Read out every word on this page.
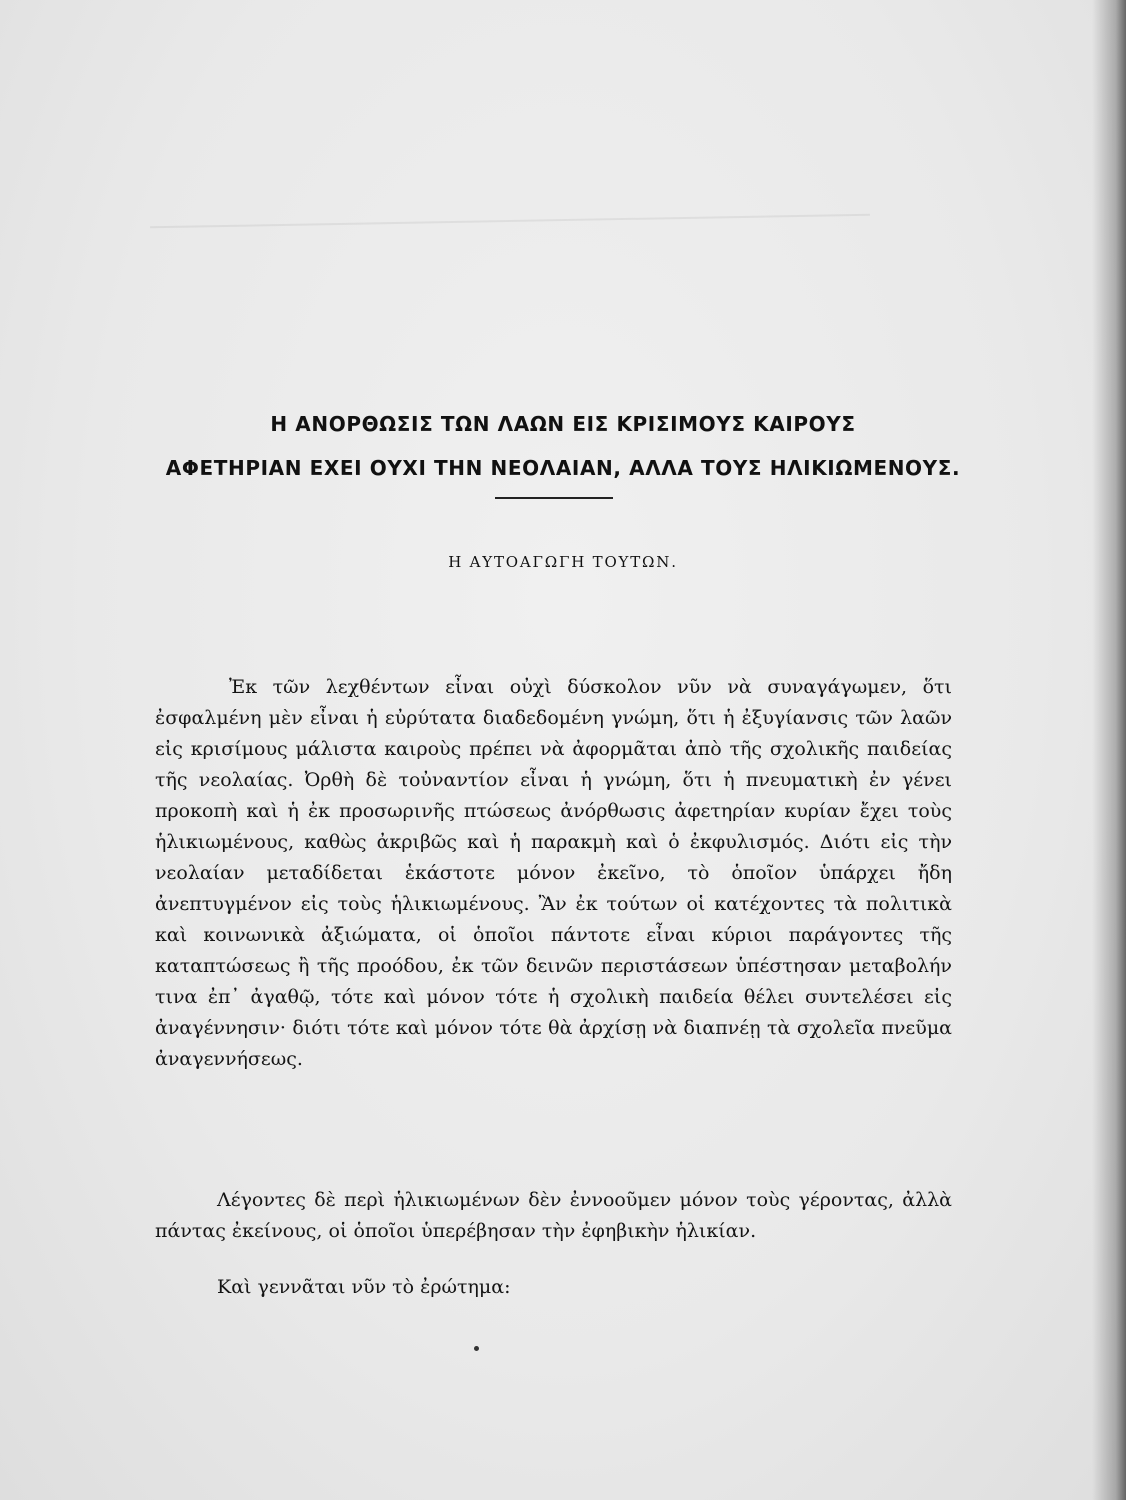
Η ΑΝΟΡΘΩΣΙΣ ΤΩΝ ΛΑΩΝ ΕΙΣ ΚΡΙΣΙΜΟΥΣ ΚΑΙΡΟΥΣ
ΑΦΕΤΗΡΙΑΝ ΕΧΕΙ ΟΥΧΙ ΤΗΝ ΝΕΟΛΑΙΑΝ, ΑΛΛΑ ΤΟΥΣ ΗΛΙΚΙΩΜΕΝΟΥΣ.
Η ΑΥΤΟΑΓΩΓΗ ΤΟΥΤΩΝ.

Ἐκ τῶν λεχθέντων εἶναι οὐχὶ δύσκολον νῦν νὰ συναγάγωμεν, ὅτι ἐσφαλμένη μὲν εἶναι ἡ εὐρύτατα διαδεδομένη γνώμη, ὅτι ἡ ἐξυγίανσις τῶν λαῶν εἰς κρισίμους μάλιστα καιροὺς πρέπει νὰ ἀφορμᾶται ἀπὸ τῆς σχολικῆς παιδείας τῆς νεολαίας. Ὀρθὴ δὲ τοὐναντίον εἶναι ἡ γνώμη, ὅτι ἡ πνευματικὴ ἐν γένει προκοπὴ καὶ ἡ ἐκ προσωρινῆς πτώσεως ἀνόρθωσις ἀφετηρίαν κυρίαν ἔχει τοὺς ἡλικιωμένους, καθὼς ἀκριβῶς καὶ ἡ παρακμὴ καὶ ὁ ἐκφυλισμός. Διότι εἰς τὴν νεολαίαν μεταδίδεται ἑκάστοτε μόνον ἐκεῖνο, τὸ ὁποῖον ὑπάρχει ἤδη ἀνεπτυγμένον εἰς τοὺς ἡλικιωμένους. Ἂν ἐκ τούτων οἱ κατέχοντες τὰ πολιτικὰ καὶ κοινωνικὰ ἀξιώματα, οἱ ὁποῖοι πάντοτε εἶναι κύριοι παράγοντες τῆς καταπτώσεως ἢ τῆς προόδου, ἐκ τῶν δεινῶν περιστάσεων ὑπέστησαν μεταβολήν τινα ἐπ᾽ ἀγαθῷ, τότε καὶ μόνον τότε ἡ σχολικὴ παιδεία θέλει συντελέσει εἰς ἀναγέννησιν· διότι τότε καὶ μόνον τότε θὰ ἀρχίσῃ νὰ διαπνέῃ τὰ σχολεῖα πνεῦμα ἀναγεννήσεως.

Λέγοντες δὲ περὶ ἡλικιωμένων δὲν ἐννοοῦμεν μόνον τοὺς γέροντας, ἀλλὰ πάντας ἐκείνους, οἱ ὁποῖοι ὑπερέβησαν τὴν ἐφηβικὴν ἡλικίαν.

Καὶ γεννᾶται νῦν τὸ ἐρώτημα:
